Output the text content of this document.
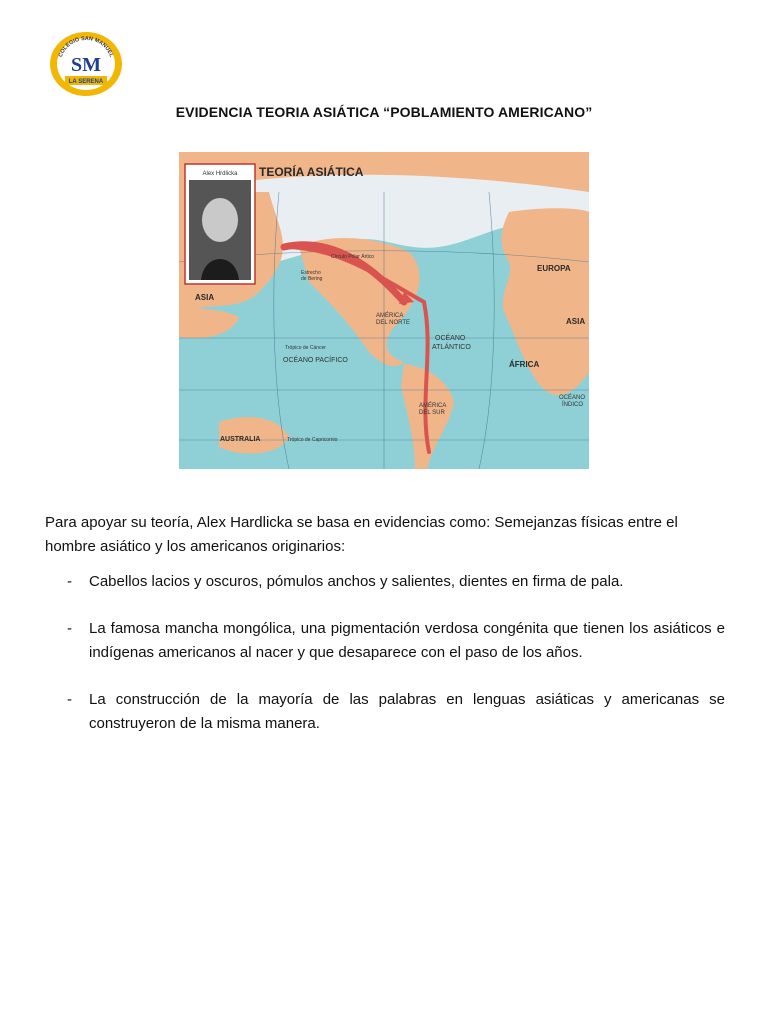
COLEGIO SAN MANUEL
SM
LA SERENA
EVIDENCIA TEORIA ASIÁTICA “POBLAMIENTO AMERICANO”
TEORÍA ASIÁTICA
Alex Hrdlicka
ASIA
ASIA
EUROPA
ÁFRICA
AUSTRALIA
AMÉRICA
DEL NORTE
AMÉRICA
DEL SUR
OCÉANO
ATLÁNTICO
OCÉANO PACÍFICO
OCÉANO
ÍNDICO
Estrecho
de Bering
Círculo Polar Ártico
Trópico de Cáncer
Trópico de Capricornio

Para apoyar su teoría, Alex Hardlicka se basa en evidencias como: Semejanzas físicas entre el hombre asiático y los americanos originarios:

- Cabellos lacios y oscuros, pómulos anchos y salientes, dientes en firma de pala.
- La famosa mancha mongólica, una pigmentación verdosa congénita que tienen los asiáticos e indígenas americanos al nacer y que desaparece con el paso de los años.
- La construcción de la mayoría de las palabras en lenguas asiáticas y americanas se construyeron de la misma manera.
